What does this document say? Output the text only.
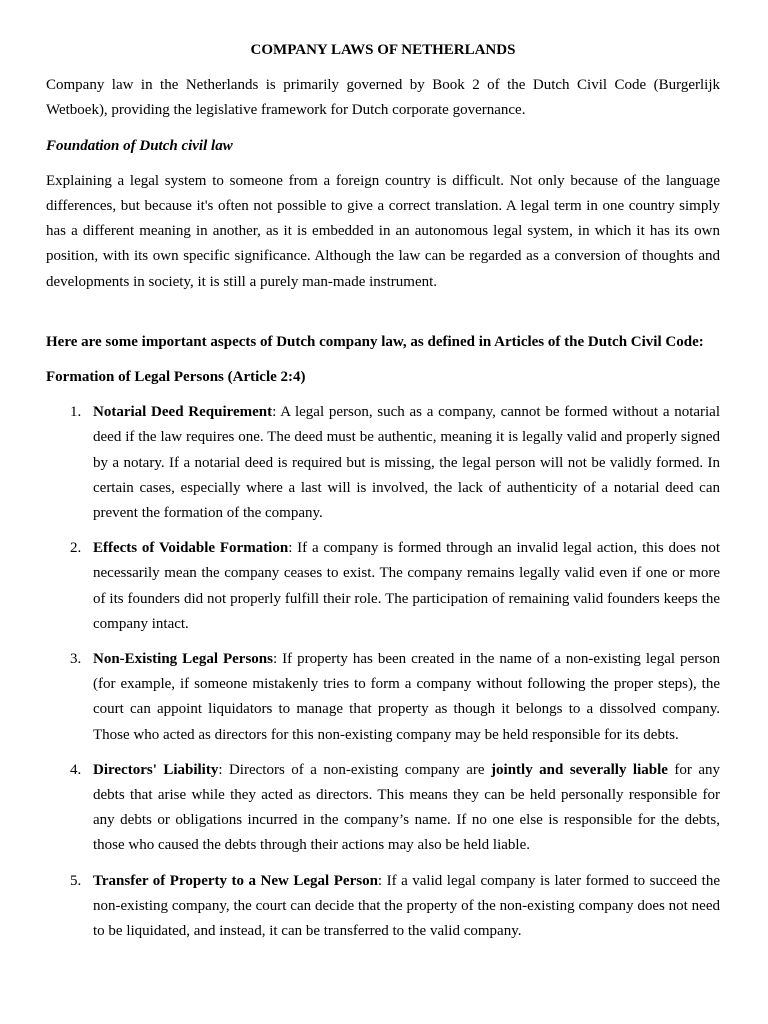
COMPANY LAWS OF NETHERLANDS

Company law in the Netherlands is primarily governed by Book 2 of the Dutch Civil Code (Burgerlijk Wetboek), providing the legislative framework for Dutch corporate governance.

Foundation of Dutch civil law

Explaining a legal system to someone from a foreign country is difficult. Not only because of the language differences, but because it's often not possible to give a correct translation. A legal term in one country simply has a different meaning in another, as it is embedded in an autonomous legal system, in which it has its own position, with its own specific significance. Although the law can be regarded as a conversion of thoughts and developments in society, it is still a purely man-made instrument.

Here are some important aspects of Dutch company law, as defined in Articles of the Dutch Civil Code:

Formation of Legal Persons (Article 2:4)

1. Notarial Deed Requirement: A legal person, such as a company, cannot be formed without a notarial deed if the law requires one. The deed must be authentic, meaning it is legally valid and properly signed by a notary. If a notarial deed is required but is missing, the legal person will not be validly formed. In certain cases, especially where a last will is involved, the lack of authenticity of a notarial deed can prevent the formation of the company.
2. Effects of Voidable Formation: If a company is formed through an invalid legal action, this does not necessarily mean the company ceases to exist. The company remains legally valid even if one or more of its founders did not properly fulfill their role. The participation of remaining valid founders keeps the company intact.
3. Non-Existing Legal Persons: If property has been created in the name of a non-existing legal person (for example, if someone mistakenly tries to form a company without following the proper steps), the court can appoint liquidators to manage that property as though it belongs to a dissolved company. Those who acted as directors for this non-existing company may be held responsible for its debts.
4. Directors' Liability: Directors of a non-existing company are jointly and severally liable for any debts that arise while they acted as directors. This means they can be held personally responsible for any debts or obligations incurred in the company’s name. If no one else is responsible for the debts, those who caused the debts through their actions may also be held liable.
5. Transfer of Property to a New Legal Person: If a valid legal company is later formed to succeed the non-existing company, the court can decide that the property of the non-existing company does not need to be liquidated, and instead, it can be transferred to the valid company.
